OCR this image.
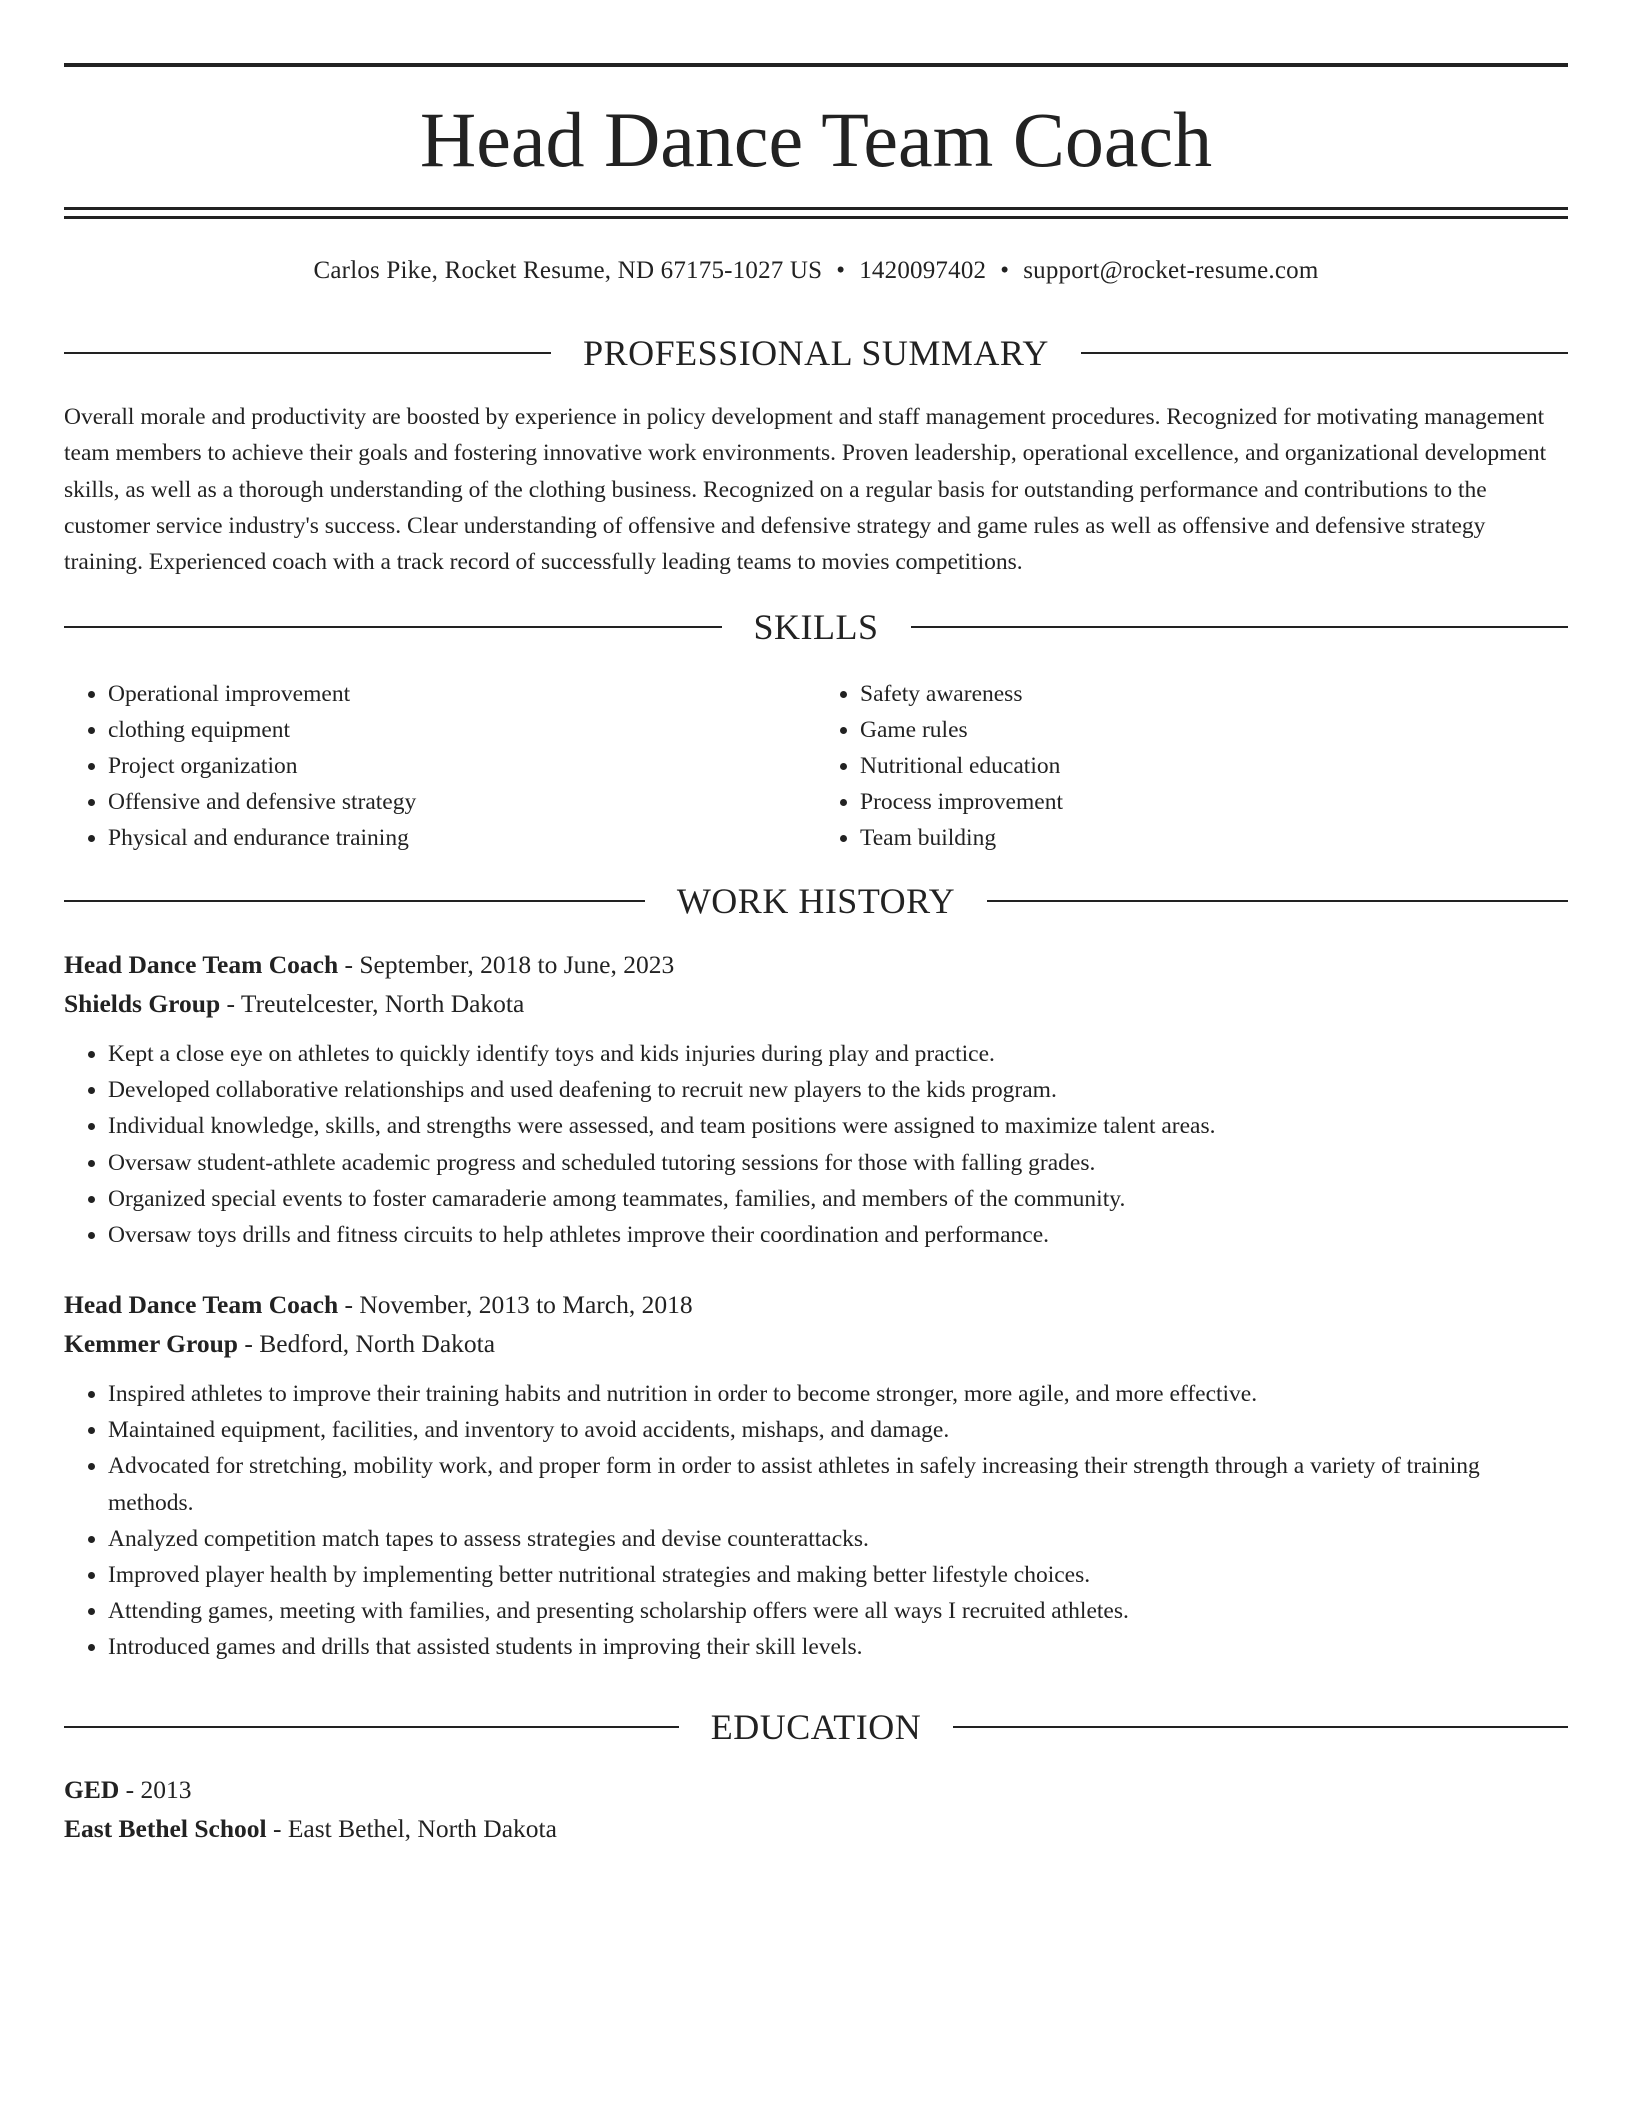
Head Dance Team Coach
Carlos Pike, Rocket Resume, ND 67175-1027 US • 1420097402 • support@rocket-resume.com
PROFESSIONAL SUMMARY

Overall morale and productivity are boosted by experience in policy development and staff management procedures. Recognized for motivating management team members to achieve their goals and fostering innovative work environments. Proven leadership, operational excellence, and organizational development skills, as well as a thorough understanding of the clothing business. Recognized on a regular basis for outstanding performance and contributions to the customer service industry's success. Clear understanding of offensive and defensive strategy and game rules as well as offensive and defensive strategy training. Experienced coach with a track record of successfully leading teams to movies competitions.

SKILLS
• Operational improvement
• clothing equipment
• Project organization
• Offensive and defensive strategy
• Physical and endurance training
• Safety awareness
• Game rules
• Nutritional education
• Process improvement
• Team building
WORK HISTORY
Head Dance Team Coach - September, 2018 to June, 2023
Shields Group - Treutelcester, North Dakota
• Kept a close eye on athletes to quickly identify toys and kids injuries during play and practice.
• Developed collaborative relationships and used deafening to recruit new players to the kids program.
• Individual knowledge, skills, and strengths were assessed, and team positions were assigned to maximize talent areas.
• Oversaw student-athlete academic progress and scheduled tutoring sessions for those with falling grades.
• Organized special events to foster camaraderie among teammates, families, and members of the community.
• Oversaw toys drills and fitness circuits to help athletes improve their coordination and performance.
Head Dance Team Coach - November, 2013 to March, 2018
Kemmer Group - Bedford, North Dakota
• Inspired athletes to improve their training habits and nutrition in order to become stronger, more agile, and more effective.
• Maintained equipment, facilities, and inventory to avoid accidents, mishaps, and damage.
• Advocated for stretching, mobility work, and proper form in order to assist athletes in safely increasing their strength through a variety of training methods.
• Analyzed competition match tapes to assess strategies and devise counterattacks.
• Improved player health by implementing better nutritional strategies and making better lifestyle choices.
• Attending games, meeting with families, and presenting scholarship offers were all ways I recruited athletes.
• Introduced games and drills that assisted students in improving their skill levels.
EDUCATION
GED - 2013
East Bethel School - East Bethel, North Dakota
